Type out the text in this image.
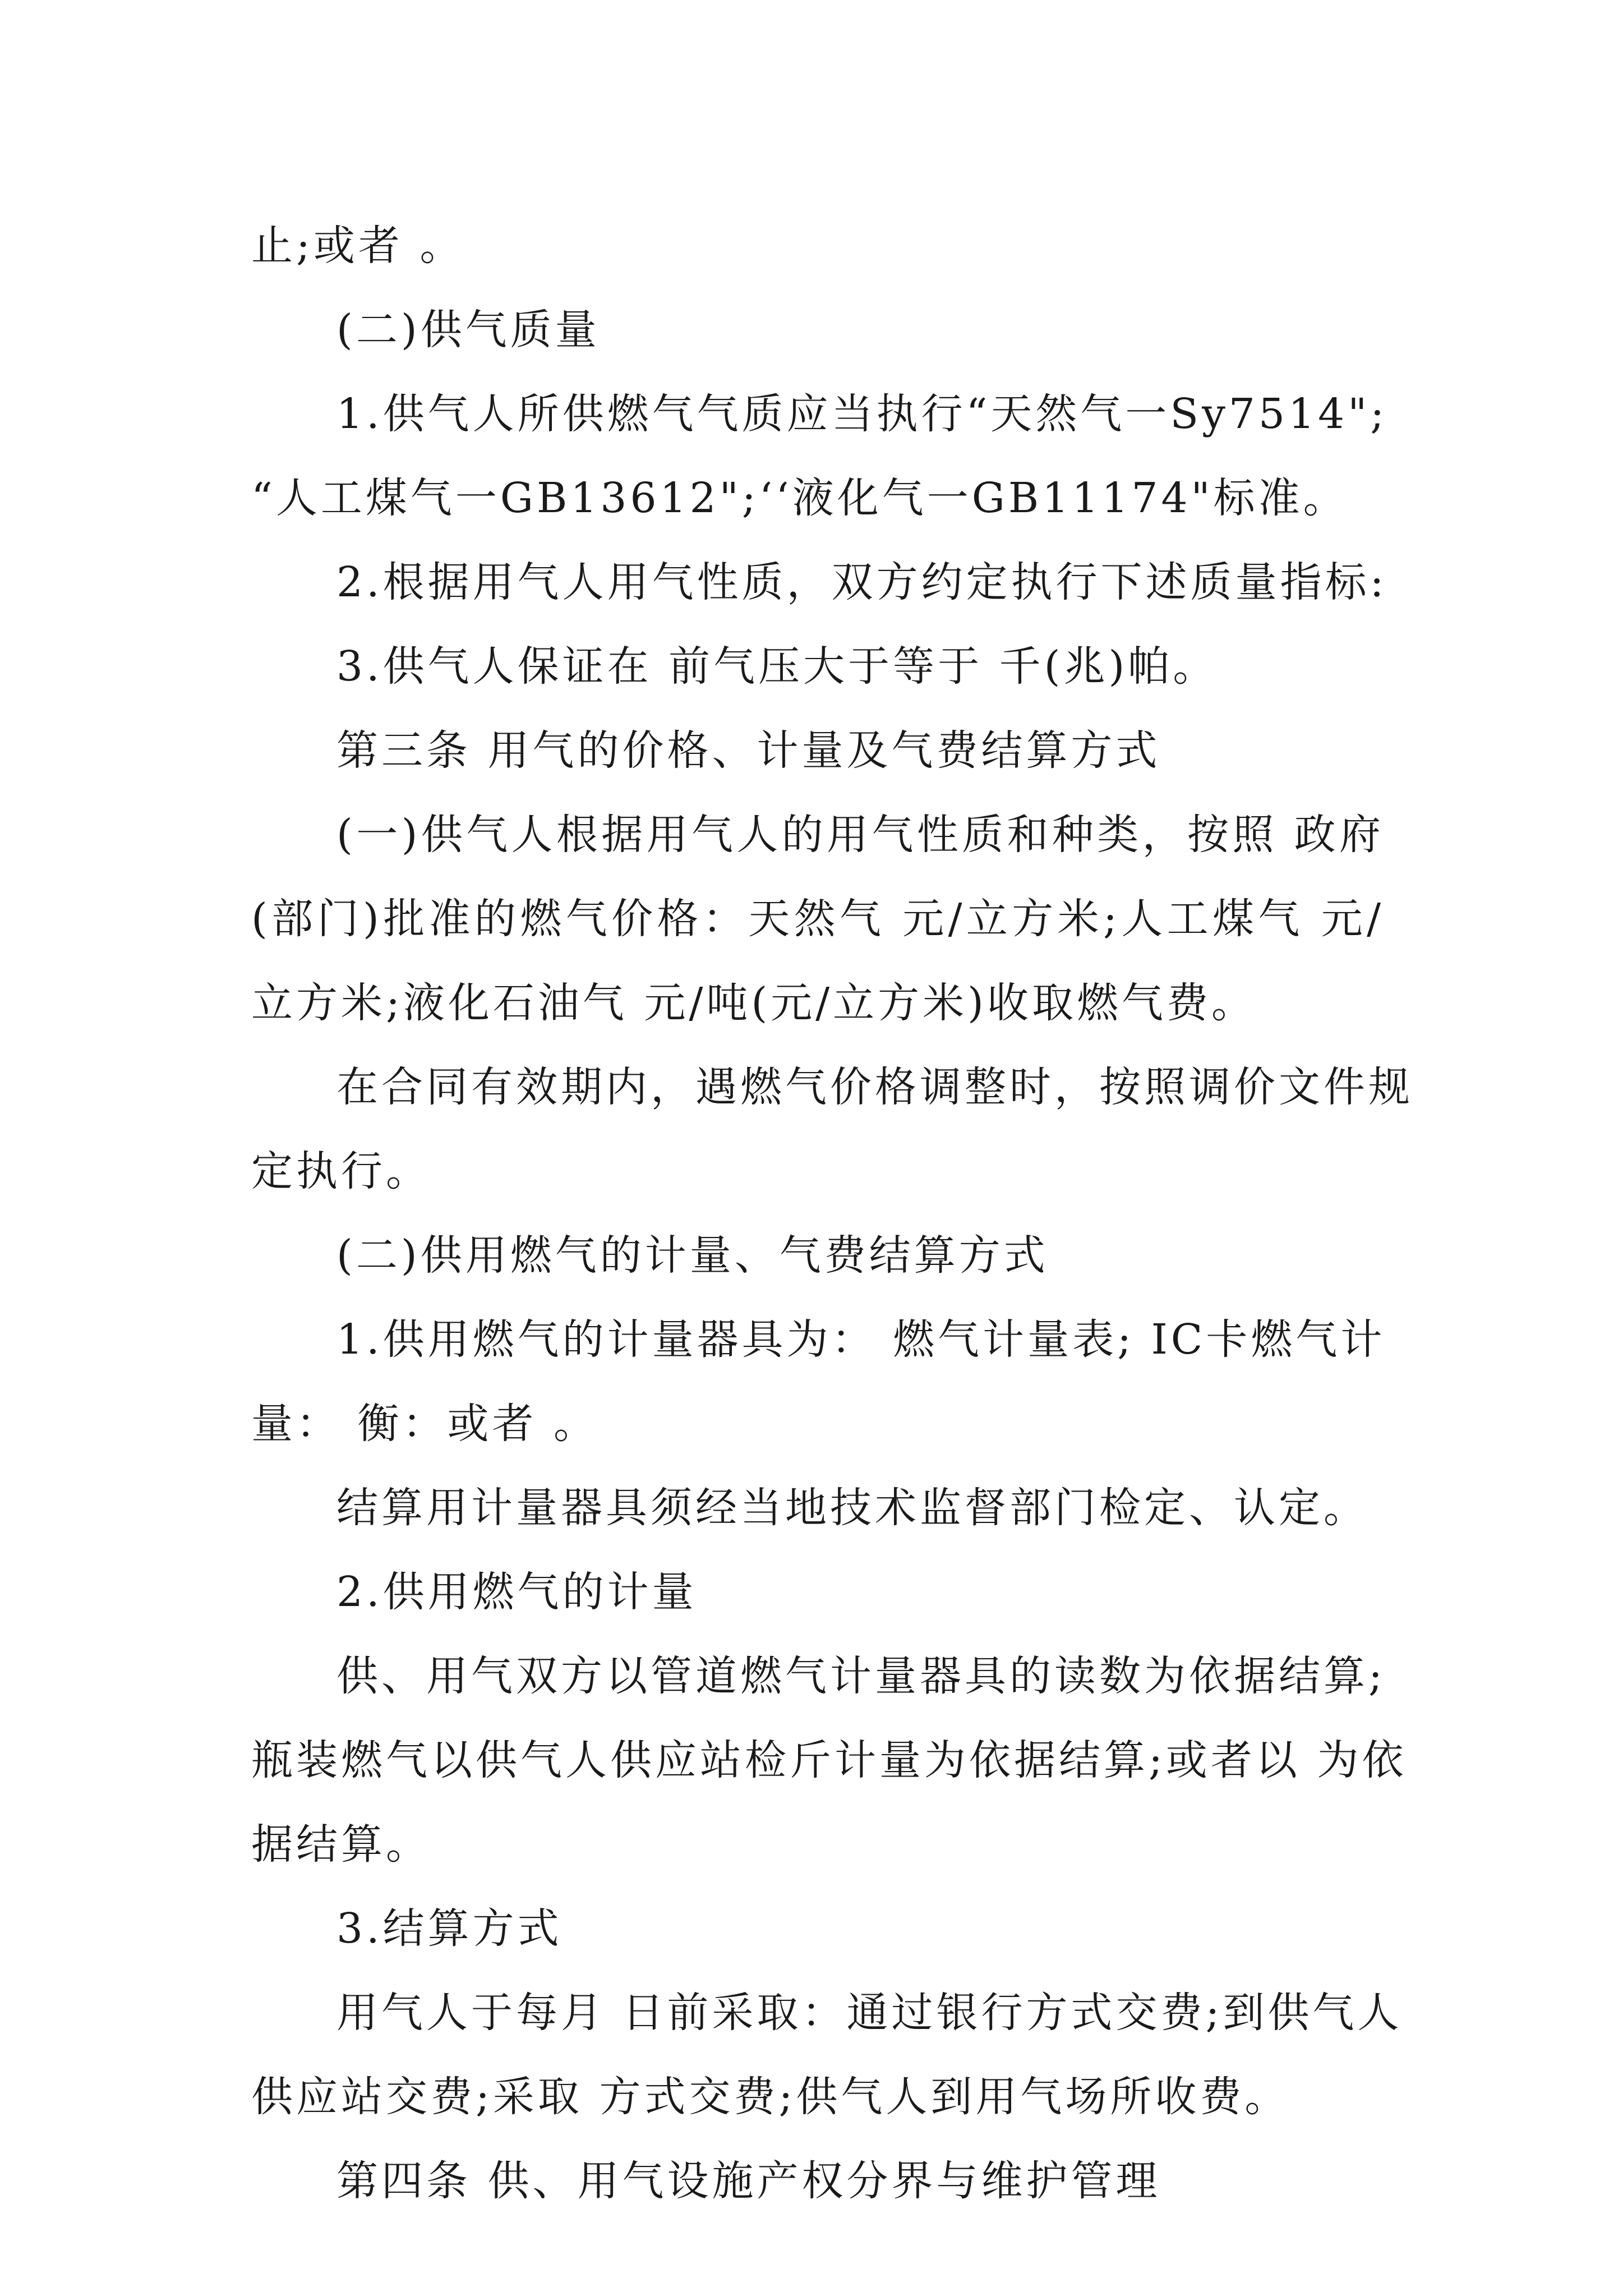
止;或者 。
(二)供气质量
1.供气人所供燃气气质应当执行“天然气一Sy7514";
“人工煤气一GB13612";‘‘液化气一GB11174"标准。
2.根据用气人用气性质，双方约定执行下述质量指标:
3.供气人保证在 前气压大于等于 千(兆)帕。
第三条 用气的价格、计量及气费结算方式
(一)供气人根据用气人的用气性质和种类，按照 政府
(部门)批准的燃气价格：天然气 元/立方米;人工煤气 元/
立方米;液化石油气 元/吨(元/立方米)收取燃气费。
在合同有效期内，遇燃气价格调整时，按照调价文件规
定执行。
(二)供用燃气的计量、气费结算方式
1.供用燃气的计量器具为： 燃气计量表; IC卡燃气计
量： 衡：或者 。
结算用计量器具须经当地技术监督部门检定、认定。
2.供用燃气的计量
供、用气双方以管道燃气计量器具的读数为依据结算;
瓶装燃气以供气人供应站检斤计量为依据结算;或者以 为依
据结算。
3.结算方式
用气人于每月 日前采取：通过银行方式交费;到供气人
供应站交费;采取 方式交费;供气人到用气场所收费。
第四条 供、用气设施产权分界与维护管理
